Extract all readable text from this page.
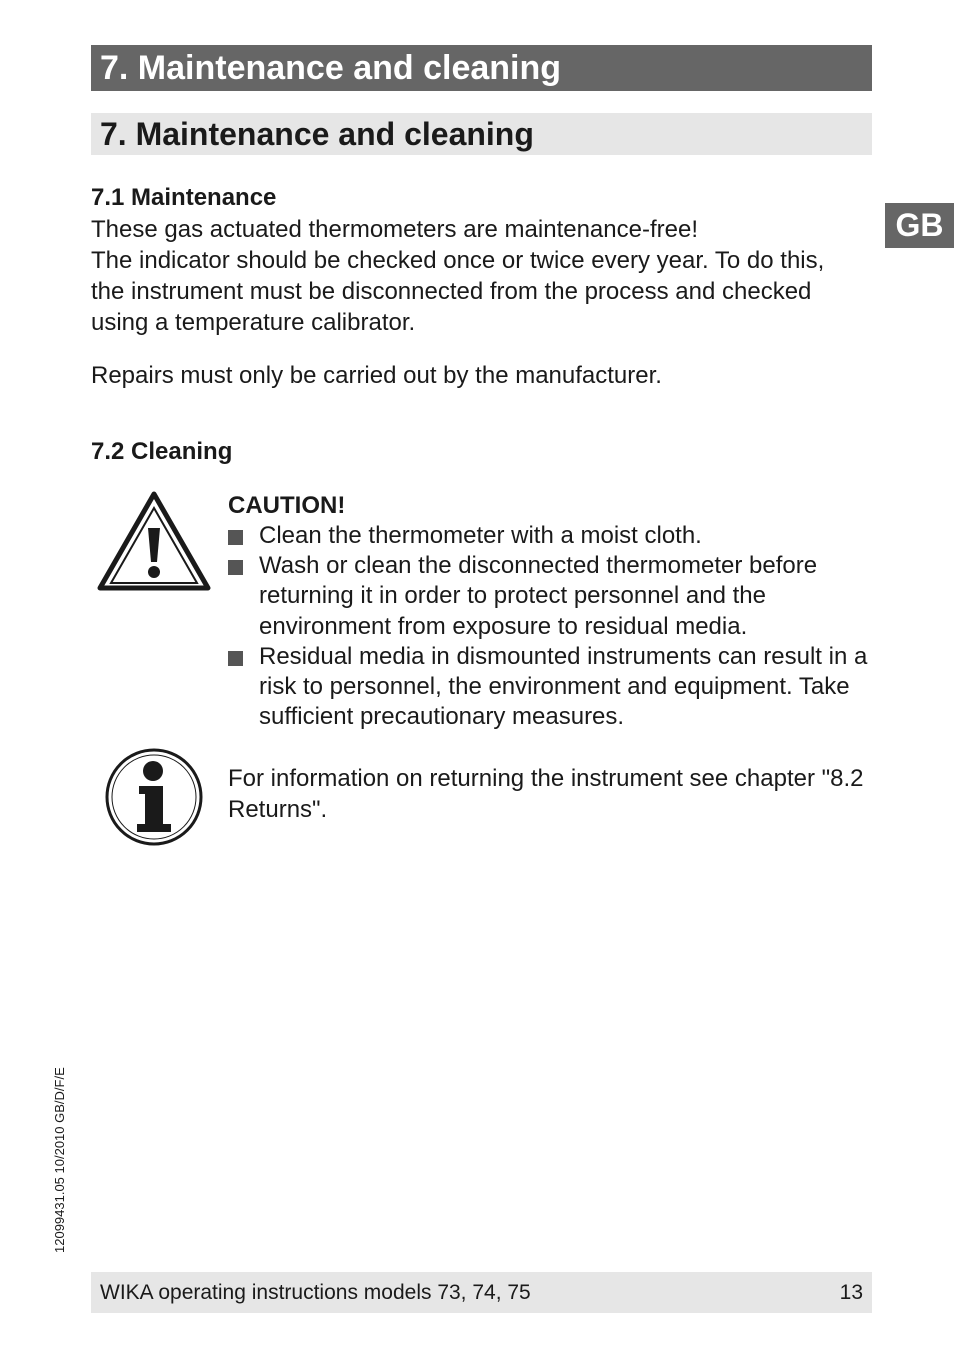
7. Maintenance and cleaning
7. Maintenance and cleaning
GB
7.1 Maintenance
These gas actuated thermometers are maintenance-free!
The indicator should be checked once or twice every year. To do this,
the instrument must be disconnected from the process and checked
using a temperature calibrator.
Repairs must only be carried out by the manufacturer.
7.2 Cleaning
CAUTION!
Clean the thermometer with a moist cloth.
Wash or clean the disconnected thermometer before returning it in order to protect personnel and the environment from exposure to residual media.
Residual media in dismounted instruments can result in a risk to personnel, the environment and equipment. Take sufficient precautionary measures.
For information on returning the instrument see chapter "8.2 Returns".
12099431.05 10/2010 GB/D/F/E
WIKA operating instructions models 73, 74, 75	13
